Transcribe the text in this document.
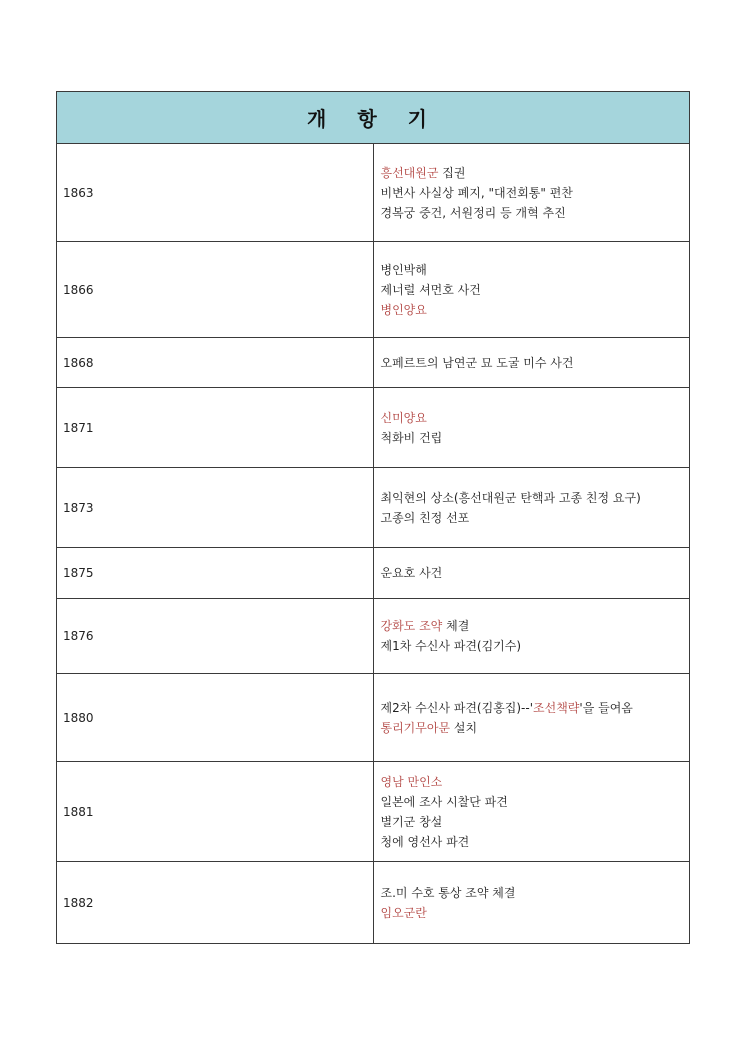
개 항 기	
1863	흥선대원군 집권
비변사 사실상 폐지, "대전회통" 편찬
경복궁 중건, 서원정리 등 개혁 추진

1866	병인박해
제너럴 셔먼호 사건
병인양요

1868	오페르트의 남연군 묘 도굴 미수 사건

1871	신미양요
척화비 건립

1873	최익현의 상소(흥선대원군 탄핵과 고종 친정 요구)
고종의 친정 선포

1875	운요호 사건

1876	강화도 조약 체결
제1차 수신사 파견(김기수)

1880	제2차 수신사 파견(김홍집)--'조선책략'을 들여옴
통리기무아문 설치

1881	영남 만인소
일본에 조사 시찰단 파견
별기군 창설
청에 영선사 파견

1882	조.미 수호 통상 조약 체결
임오군란
